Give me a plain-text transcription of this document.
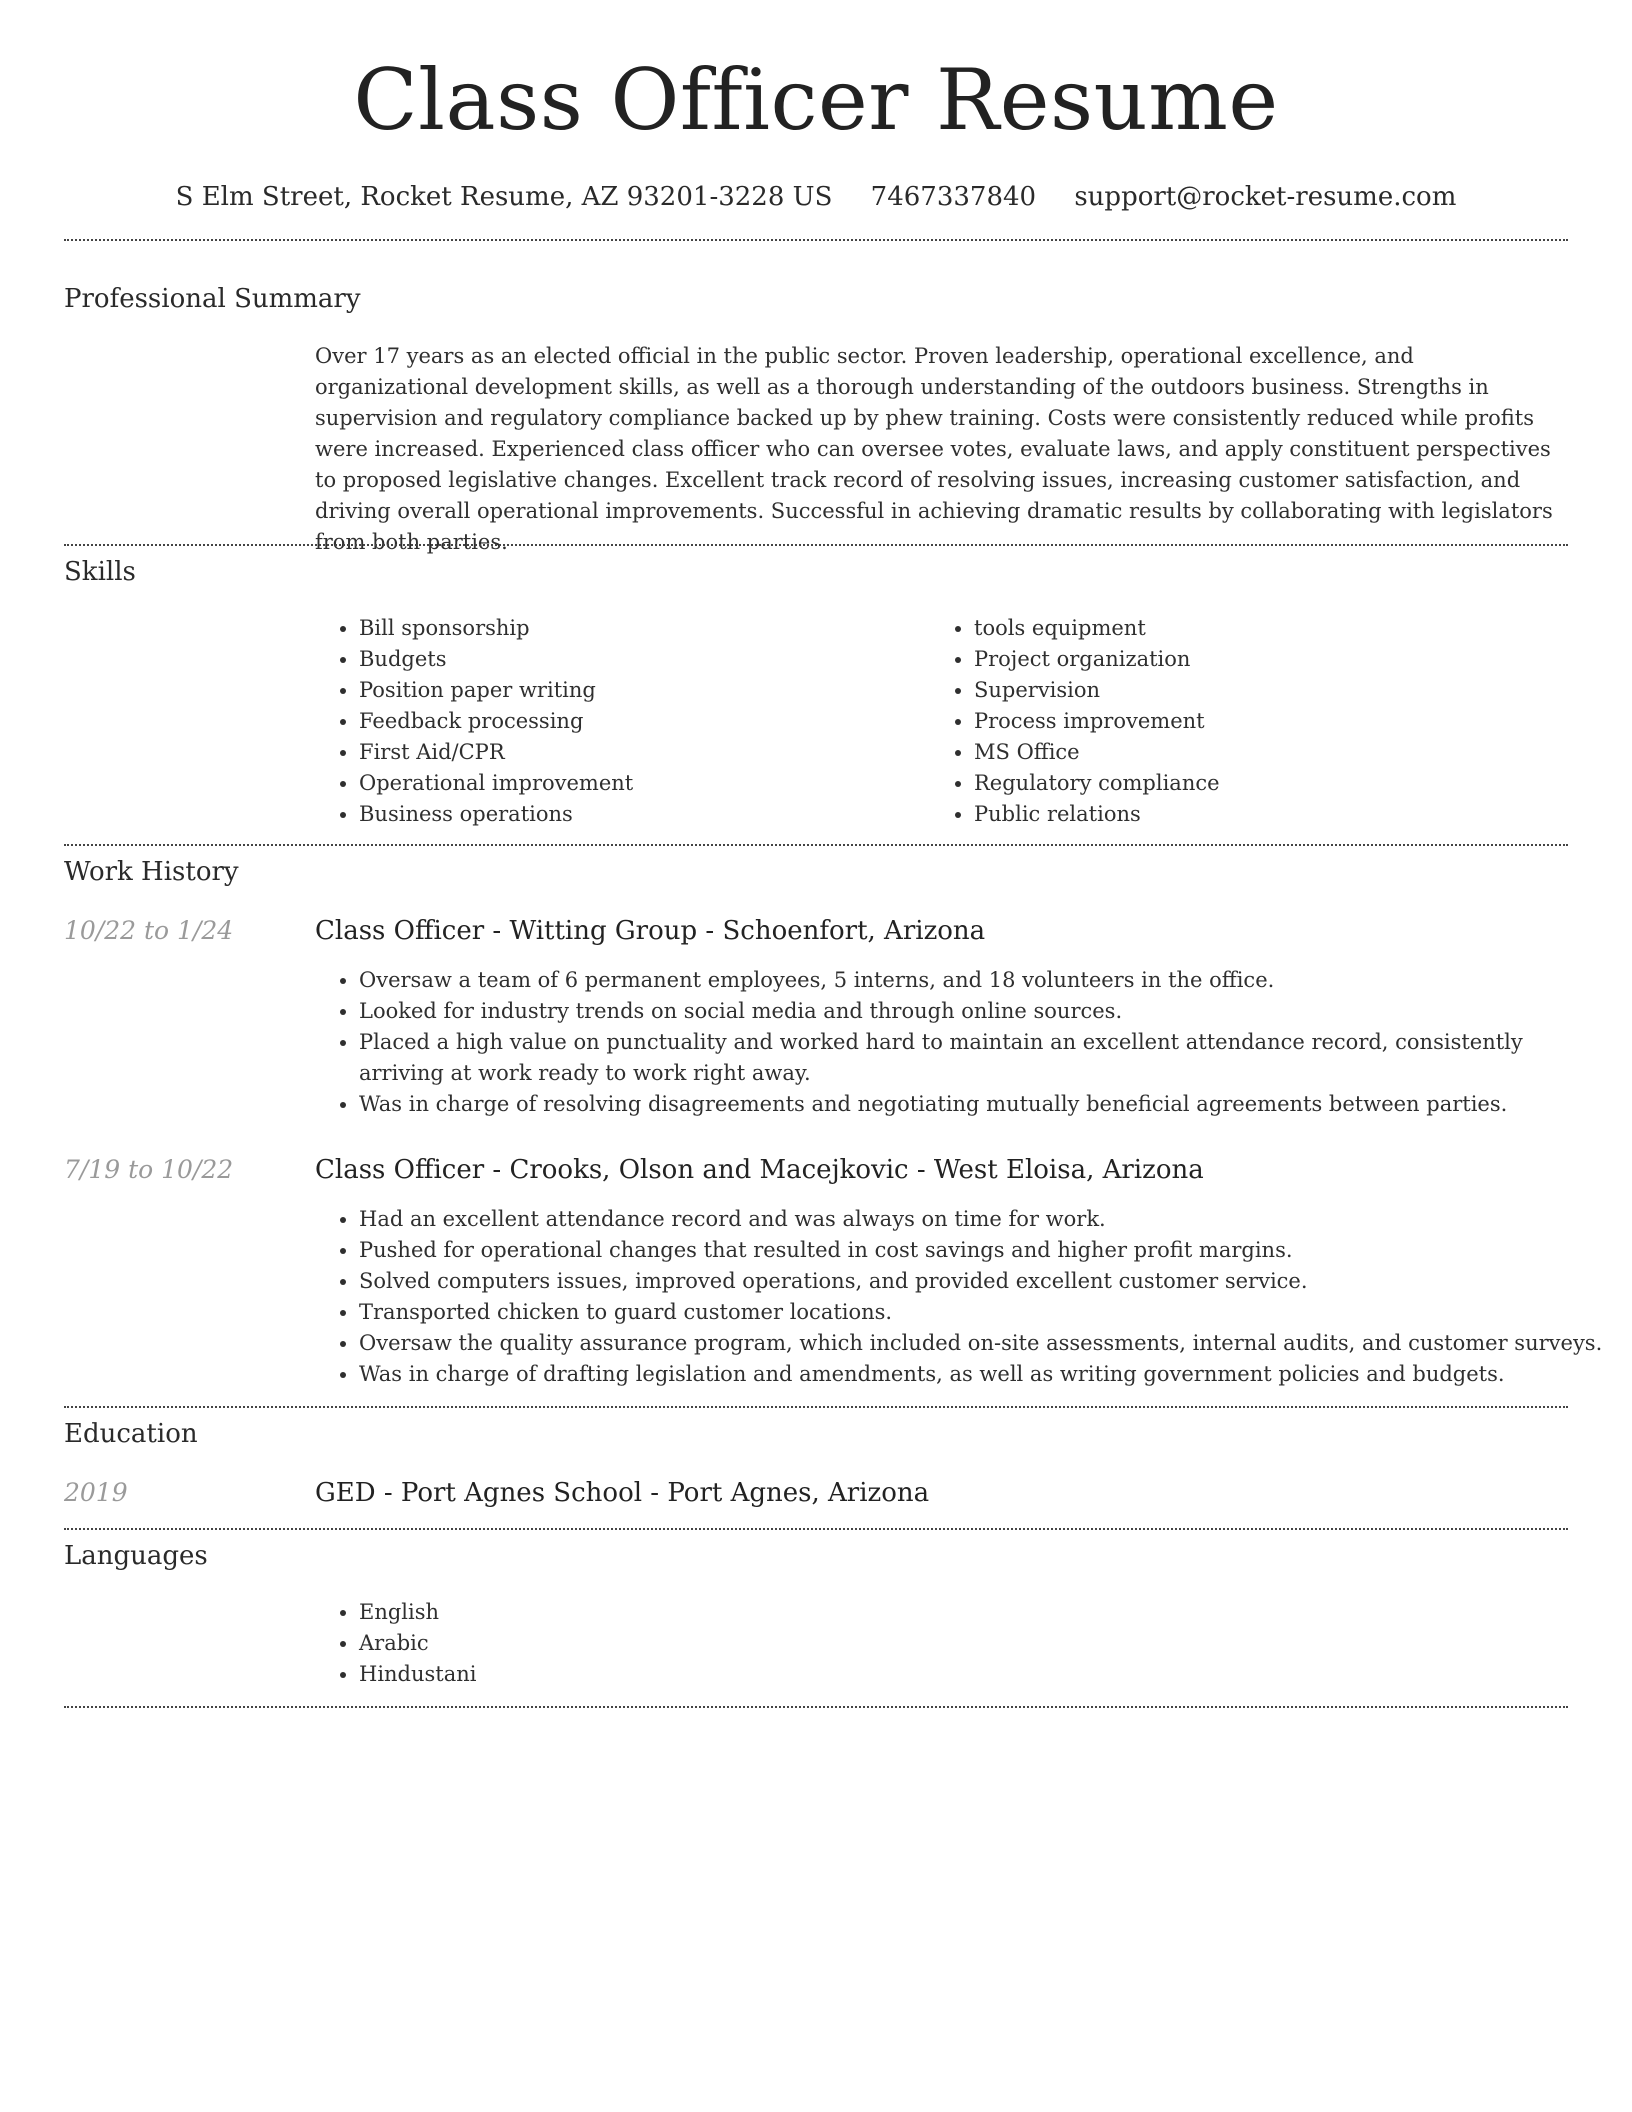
Class Officer Resume
S Elm Street, Rocket Resume, AZ 93201-3228 US 7467337840 support@rocket-resume.com
Professional Summary
Over 17 years as an elected official in the public sector. Proven leadership, operational excellence, and organizational development skills, as well as a thorough understanding of the outdoors business. Strengths in supervision and regulatory compliance backed up by phew training. Costs were consistently reduced while profits were increased. Experienced class officer who can oversee votes, evaluate laws, and apply constituent perspectives to proposed legislative changes. Excellent track record of resolving issues, increasing customer satisfaction, and driving overall operational improvements. Successful in achieving dramatic results by collaborating with legislators from both parties.
Skills
• Bill sponsorship
• Budgets
• Position paper writing
• Feedback processing
• First Aid/CPR
• Operational improvement
• Business operations
• tools equipment
• Project organization
• Supervision
• Process improvement
• MS Office
• Regulatory compliance
• Public relations
Work History
10/22 to 1/24	Class Officer - Witting Group - Schoenfort, Arizona
• Oversaw a team of 6 permanent employees, 5 interns, and 18 volunteers in the office.
• Looked for industry trends on social media and through online sources.
• Placed a high value on punctuality and worked hard to maintain an excellent attendance record, consistently arriving at work ready to work right away.
• Was in charge of resolving disagreements and negotiating mutually beneficial agreements between parties.
7/19 to 10/22	Class Officer - Crooks, Olson and Macejkovic - West Eloisa, Arizona
• Had an excellent attendance record and was always on time for work.
• Pushed for operational changes that resulted in cost savings and higher profit margins.
• Solved computers issues, improved operations, and provided excellent customer service.
• Transported chicken to guard customer locations.
• Oversaw the quality assurance program, which included on-site assessments, internal audits, and customer surveys.
• Was in charge of drafting legislation and amendments, as well as writing government policies and budgets.
Education
2019	GED - Port Agnes School - Port Agnes, Arizona
Languages
• English
• Arabic
• Hindustani
